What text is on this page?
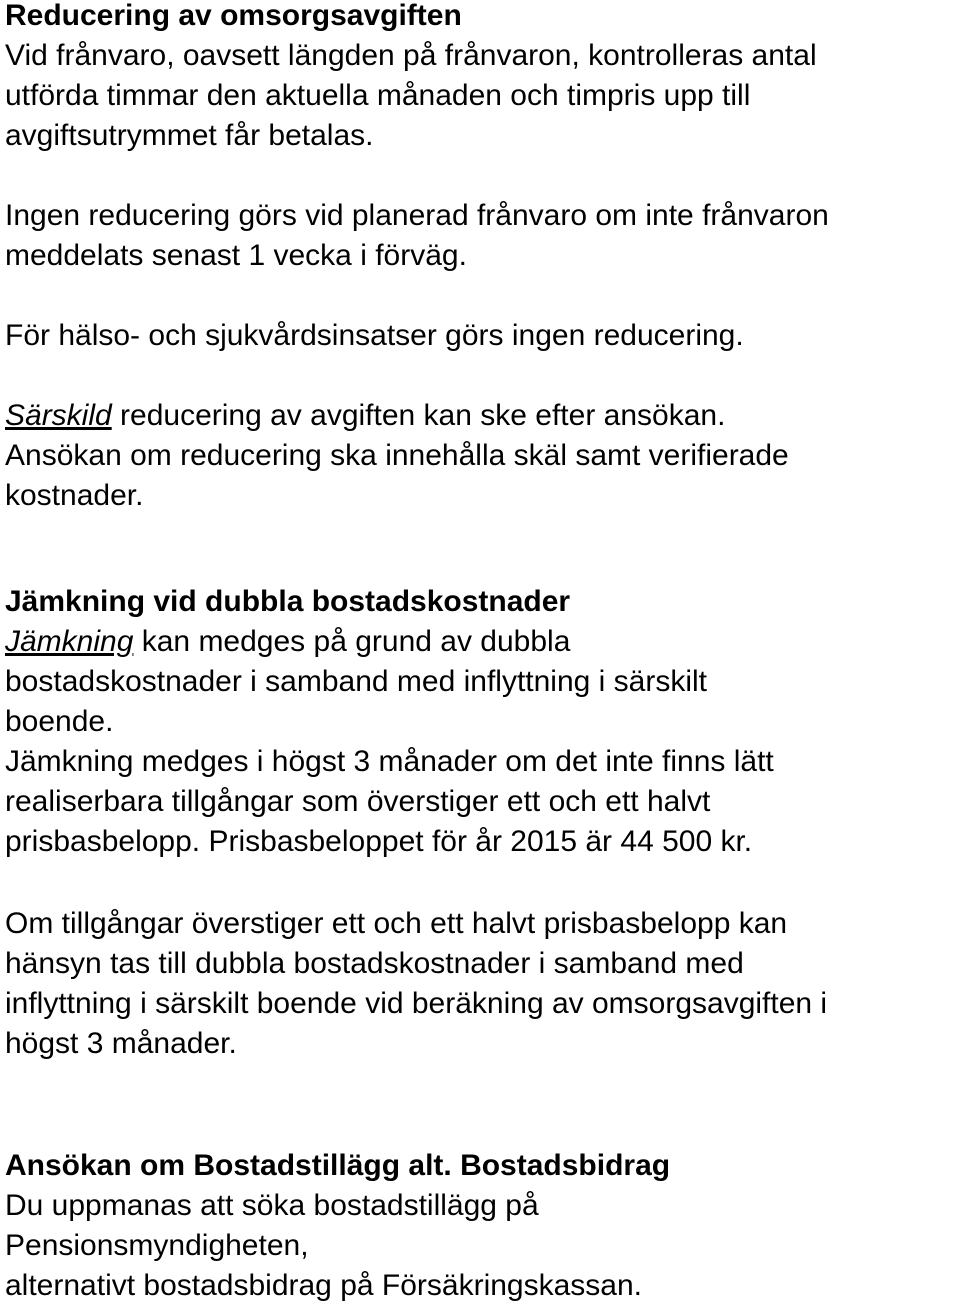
Reducering av omsorgsavgiften
Vid frånvaro, oavsett längden på frånvaron, kontrolleras antal
utförda timmar den aktuella månaden och timpris upp till
avgiftsutrymmet får betalas.
Ingen reducering görs vid planerad frånvaro om inte frånvaron
meddelats senast 1 vecka i förväg.
För hälso- och sjukvårdsinsatser görs ingen reducering.
Särskild reducering av avgiften kan ske efter ansökan.
Ansökan om reducering ska innehålla skäl samt verifierade
kostnader.
Jämkning vid dubbla bostadskostnader
Jämkning kan medges på grund av dubbla
bostadskostnader i samband med inflyttning i särskilt
boende.
Jämkning medges i högst 3 månader om det inte finns lätt
realiserbara tillgångar som överstiger ett och ett halvt
prisbasbelopp. Prisbasbeloppet för år 2015 är 44 500 kr.
Om tillgångar överstiger ett och ett halvt prisbasbelopp kan
hänsyn tas till dubbla bostadskostnader i samband med
inflyttning i särskilt boende vid beräkning av omsorgsavgiften i
högst 3 månader.
Ansökan om Bostadstillägg alt. Bostadsbidrag
Du uppmanas att söka bostadstillägg på
Pensionsmyndigheten,
alternativt bostadsbidrag på Försäkringskassan.
